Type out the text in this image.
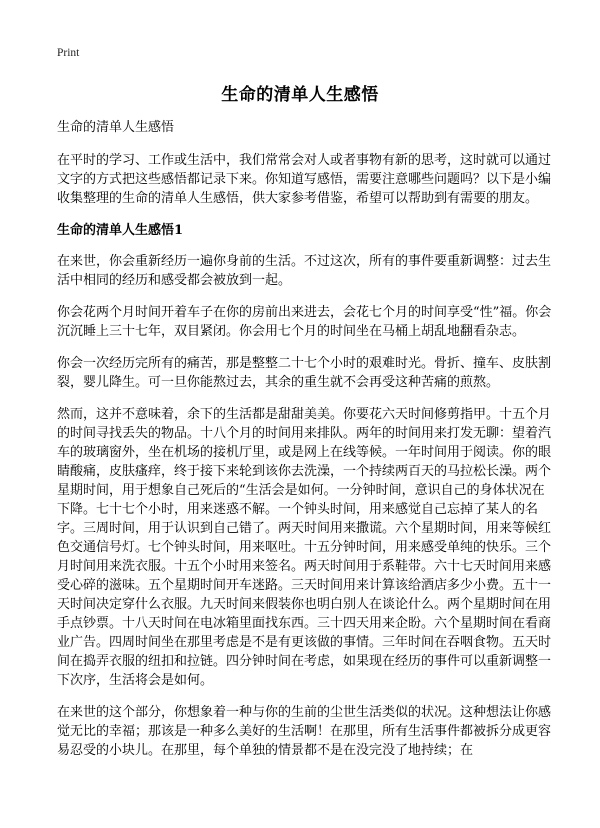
Print
生命的清单人生感悟

生命的清单人生感悟

在平时的学习、工作或生活中，我们常常会对人或者事物有新的思考，这时就可以通过文字的方式把这些感悟都记录下来。你知道写感悟，需要注意哪些问题吗？以下是小编收集整理的生命的清单人生感悟，供大家参考借鉴，希望可以帮助到有需要的朋友。

生命的清单人生感悟1

在来世，你会重新经历一遍你身前的生活。不过这次，所有的事件要重新调整：过去生活中相同的经历和感受都会被放到一起。

你会花两个月时间开着车子在你的房前出来进去，会花七个月的时间享受“性”福。你会沉沉睡上三十七年，双目紧闭。你会用七个月的时间坐在马桶上胡乱地翻看杂志。

你会一次经历完所有的痛苦，那是整整二十七个小时的艰难时光。骨折、撞车、皮肤割裂，婴儿降生。可一旦你能熬过去，其余的重生就不会再受这种苦痛的煎熬。

然而，这并不意味着，余下的生活都是甜甜美美。你要花六天时间修剪指甲。十五个月的时间寻找丢失的物品。十八个月的时间用来排队。两年的时间用来打发无聊：望着汽车的玻璃窗外，坐在机场的接机厅里，或是网上在线等候。一年时间用于阅读。你的眼睛酸痛，皮肤瘙痒，终于接下来轮到该你去洗澡，一个持续两百天的马拉松长澡。两个星期时间，用于想象自己死后的“生活会是如何。一分钟时间，意识自己的身体状况在下降。七十七个小时，用来迷惑不解。一个钟头时间，用来感觉自己忘掉了某人的名字。三周时间，用于认识到自己错了。两天时间用来撒谎。六个星期时间，用来等候红色交通信号灯。七个钟头时间，用来呕吐。十五分钟时间，用来感受单纯的快乐。三个月时间用来洗衣服。十五个小时用来签名。两天时间用于系鞋带。六十七天时间用来感受心碎的滋味。五个星期时间开车迷路。三天时间用来计算该给酒店多少小费。五十一天时间决定穿什么衣服。九天时间来假装你也明白别人在谈论什么。两个星期时间在用手点钞票。十八天时间在电冰箱里面找东西。三十四天用来企盼。六个星期时间在看商业广告。四周时间坐在那里考虑是不是有更该做的事情。三年时间在吞咽食物。五天时间在捣弄衣服的纽扣和拉链。四分钟时间在考虑，如果现在经历的事件可以重新调整一下次序，生活将会是如何。

在来世的这个部分，你想象着一种与你的生前的尘世生活类似的状况。这种想法让你感觉无比的幸福；那该是一种多么美好的生活啊！在那里，所有生活事件都被拆分成更容易忍受的小块儿。在那里，每个单独的情景都不是在没完没了地持续；在
